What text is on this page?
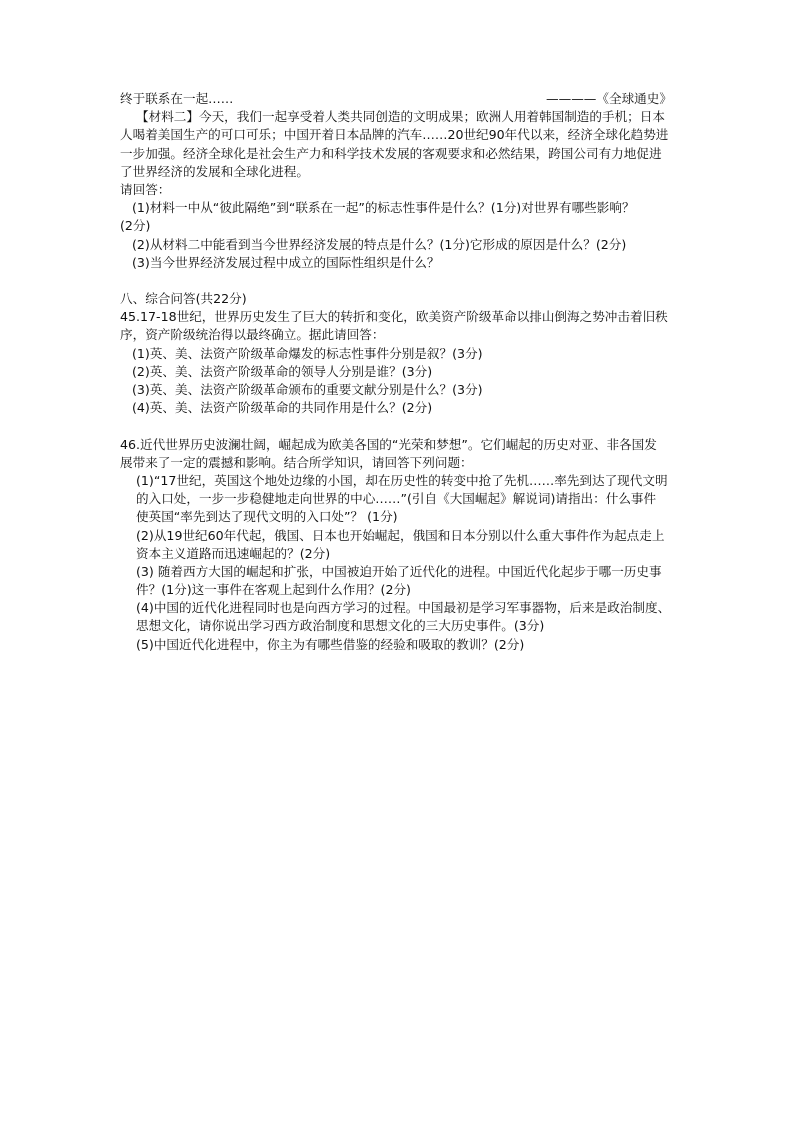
终于联系在一起……	————《全球通史》
【材料二】今天，我们一起享受着人类共同创造的文明成果；欧洲人用着韩国制造的手机；日本
人喝着美国生产的可口可乐；中国开着日本品牌的汽车……20世纪90年代以来，经济全球化趋势进
一步加强。经济全球化是社会生产力和科学技术发展的客观要求和必然结果，跨国公司有力地促进
了世界经济的发展和全球化进程。
请回答：
(1)材料一中从“彼此隔绝”到“联系在一起”的标志性事件是什么？(1分)对世界有哪些影响？
(2分)
(2)从材料二中能看到当今世界经济发展的特点是什么？(1分)它形成的原因是什么？(2分)
(3)当今世界经济发展过程中成立的国际性组织是什么？
八、综合问答(共22分)
45.17-18世纪，世界历史发生了巨大的转折和变化，欧美资产阶级革命以排山倒海之势冲击着旧秩
序，资产阶级统治得以最终确立。据此请回答：
(1)英、美、法资产阶级革命爆发的标志性事件分别是叙？(3分)
(2)英、美、法资产阶级革命的领导人分别是谁？(3分)
(3)英、美、法资产阶级革命颁布的重要文献分别是什么？(3分)
(4)英、美、法资产阶级革命的共同作用是什么？(2分)
46.近代世界历史波澜壮阔，崛起成为欧美各国的“光荣和梦想”。它们崛起的历史对亚、非各国发
展带来了一定的震撼和影响。结合所学知识，请回答下列问题：
(1)“17世纪，英国这个地处边缘的小国，却在历史性的转变中抢了先机……率先到达了现代文明
的入口处，一步一步稳健地走向世界的中心……”(引自《大国崛起》解说词)请指出：什么事件
使英国“率先到达了现代文明的入口处”？ (1分)
(2)从19世纪60年代起，俄国、日本也开始崛起，俄国和日本分别以什么重大事件作为起点走上
资本主义道路而迅速崛起的？(2分)
(3) 随着西方大国的崛起和扩张，中国被迫开始了近代化的进程。中国近代化起步于哪一历史事
件？(1分)这一事件在客观上起到什么作用？(2分)
(4)中国的近代化进程同时也是向西方学习的过程。中国最初是学习军事器物，后来是政治制度、
思想文化，请你说出学习西方政治制度和思想文化的三大历史事件。(3分)
(5)中国近代化进程中，你主为有哪些借鉴的经验和吸取的教训？(2分)
